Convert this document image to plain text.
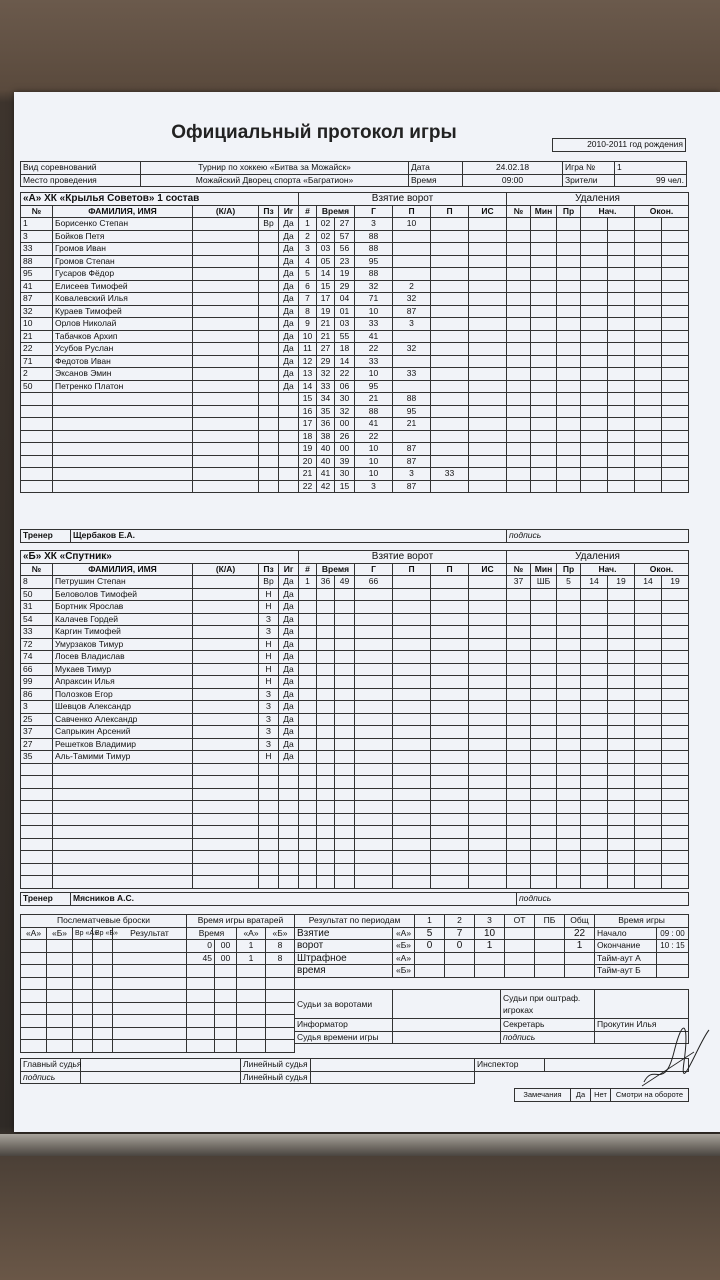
Официальный протокол игры
2010-2011 год рождения
Вид соревнований	Турнир по хоккею «Битва за Можайск»	Дата	24.02.18	Игра №	1
Место проведения	Можайский Дворец спорта «Багратион»	Время	09:00	Зрители	99 чел.
«А» ХК «Крылья Советов» 1 состав				
№	ФАМИЛИЯ, ИМЯ	(К/А)	Пз	Иг
1	Борисенко Степан		Вр	Да
3	Бойков Петя			Да
33	Громов Иван			Да
88	Громов Степан			Да
95	Гусаров Фёдор			Да
41	Елисеев Тимофей			Да
87	Ковалевский Илья			Да
32	Кураев Тимофей			Да
10	Орлов Николай			Да
21	Табачков Архип			Да
22	Усубов Руслан			Да
71	Федотов Иван			Да
2	Эксанов Эмин			Да
50	Петренко Платон			Да

Взятие ворот						
#	Время		Г	П	П	ИС
1	02	27	3	10		
2	02	57	88			
3	03	56	88			
4	05	23	95			
5	14	19	88			
6	15	29	32	2		
7	17	04	71	32		
8	19	01	10	87		
9	21	03	33	3		
10	21	55	41			
11	27	18	22	32		
12	29	14	33			
13	32	22	10	33		
14	33	06	95			
15	34	30	21	88		
16	35	32	88	95		
17	36	00	41	21		
18	38	26	22			
19	40	00	10	87		
20	40	39	10	87		
21	41	30	10	3	33	
22	42	15	3	87		
Удаления						
№	Мин	Пр	Нач.		Окон.	

Тренер	Щербаков Е.А.	подпись
«Б» ХК «Спутник»				
№	ФАМИЛИЯ, ИМЯ	(К/А)	Пз	Иг
8	Петрушин Степан		Вр	Да
50	Беловолов Тимофей		Н	Да
31	Бортник Ярослав		Н	Да
54	Калачев Гордей		З	Да
33	Каргин Тимофей		З	Да
72	Умурзаков Тимур		Н	Да
74	Лосев Владислав		Н	Да
66	Мукаев Тимур		Н	Да
99	Апраксин Илья		Н	Да
86	Полозков Егор		З	Да
3	Шевцов Александр		З	Да
25	Савченко Александр		З	Да
37	Сапрыкин Арсений		З	Да
27	Решетков Владимир		З	Да
35	Аль-Тамими Тимур		Н	Да

Взятие ворот						
#	Время		Г	П	П	ИС
1	36	49	66			

Удаления						
№	Мин	Пр	Нач.		Окон.	
37	ШБ	5	14	19	14	19

Тренер	Мясников А.С.	подпись
Послематчевые броски				
«А»	«Б»	Вр «А»	Вр «Б»	Результат

Время игры вратарей			
Время		«А»	«Б»
0	00	1	8
45	00	1	8

Результат по периодам		1	2	3	ОТ	ПБ	Общ
Взятие	«А»	5	7	10			22
ворот	«Б»	0	0	1			1
Штрафное	«А»						
время	«Б»						
Время игры	
Начало	09 : 00
Окончание	10 : 15
Тайм-аут А	
Тайм-аут Б	
Судьи за воротами		Судьи при оштраф. игроках	
Информатор		Секретарь	Прокутин Илья
Судья времени игры		подпись	
Главный судья		Линейный судья		Инспектор	
подпись		Линейный судья			
Замечания	Да	Нет	Смотри на обороте
